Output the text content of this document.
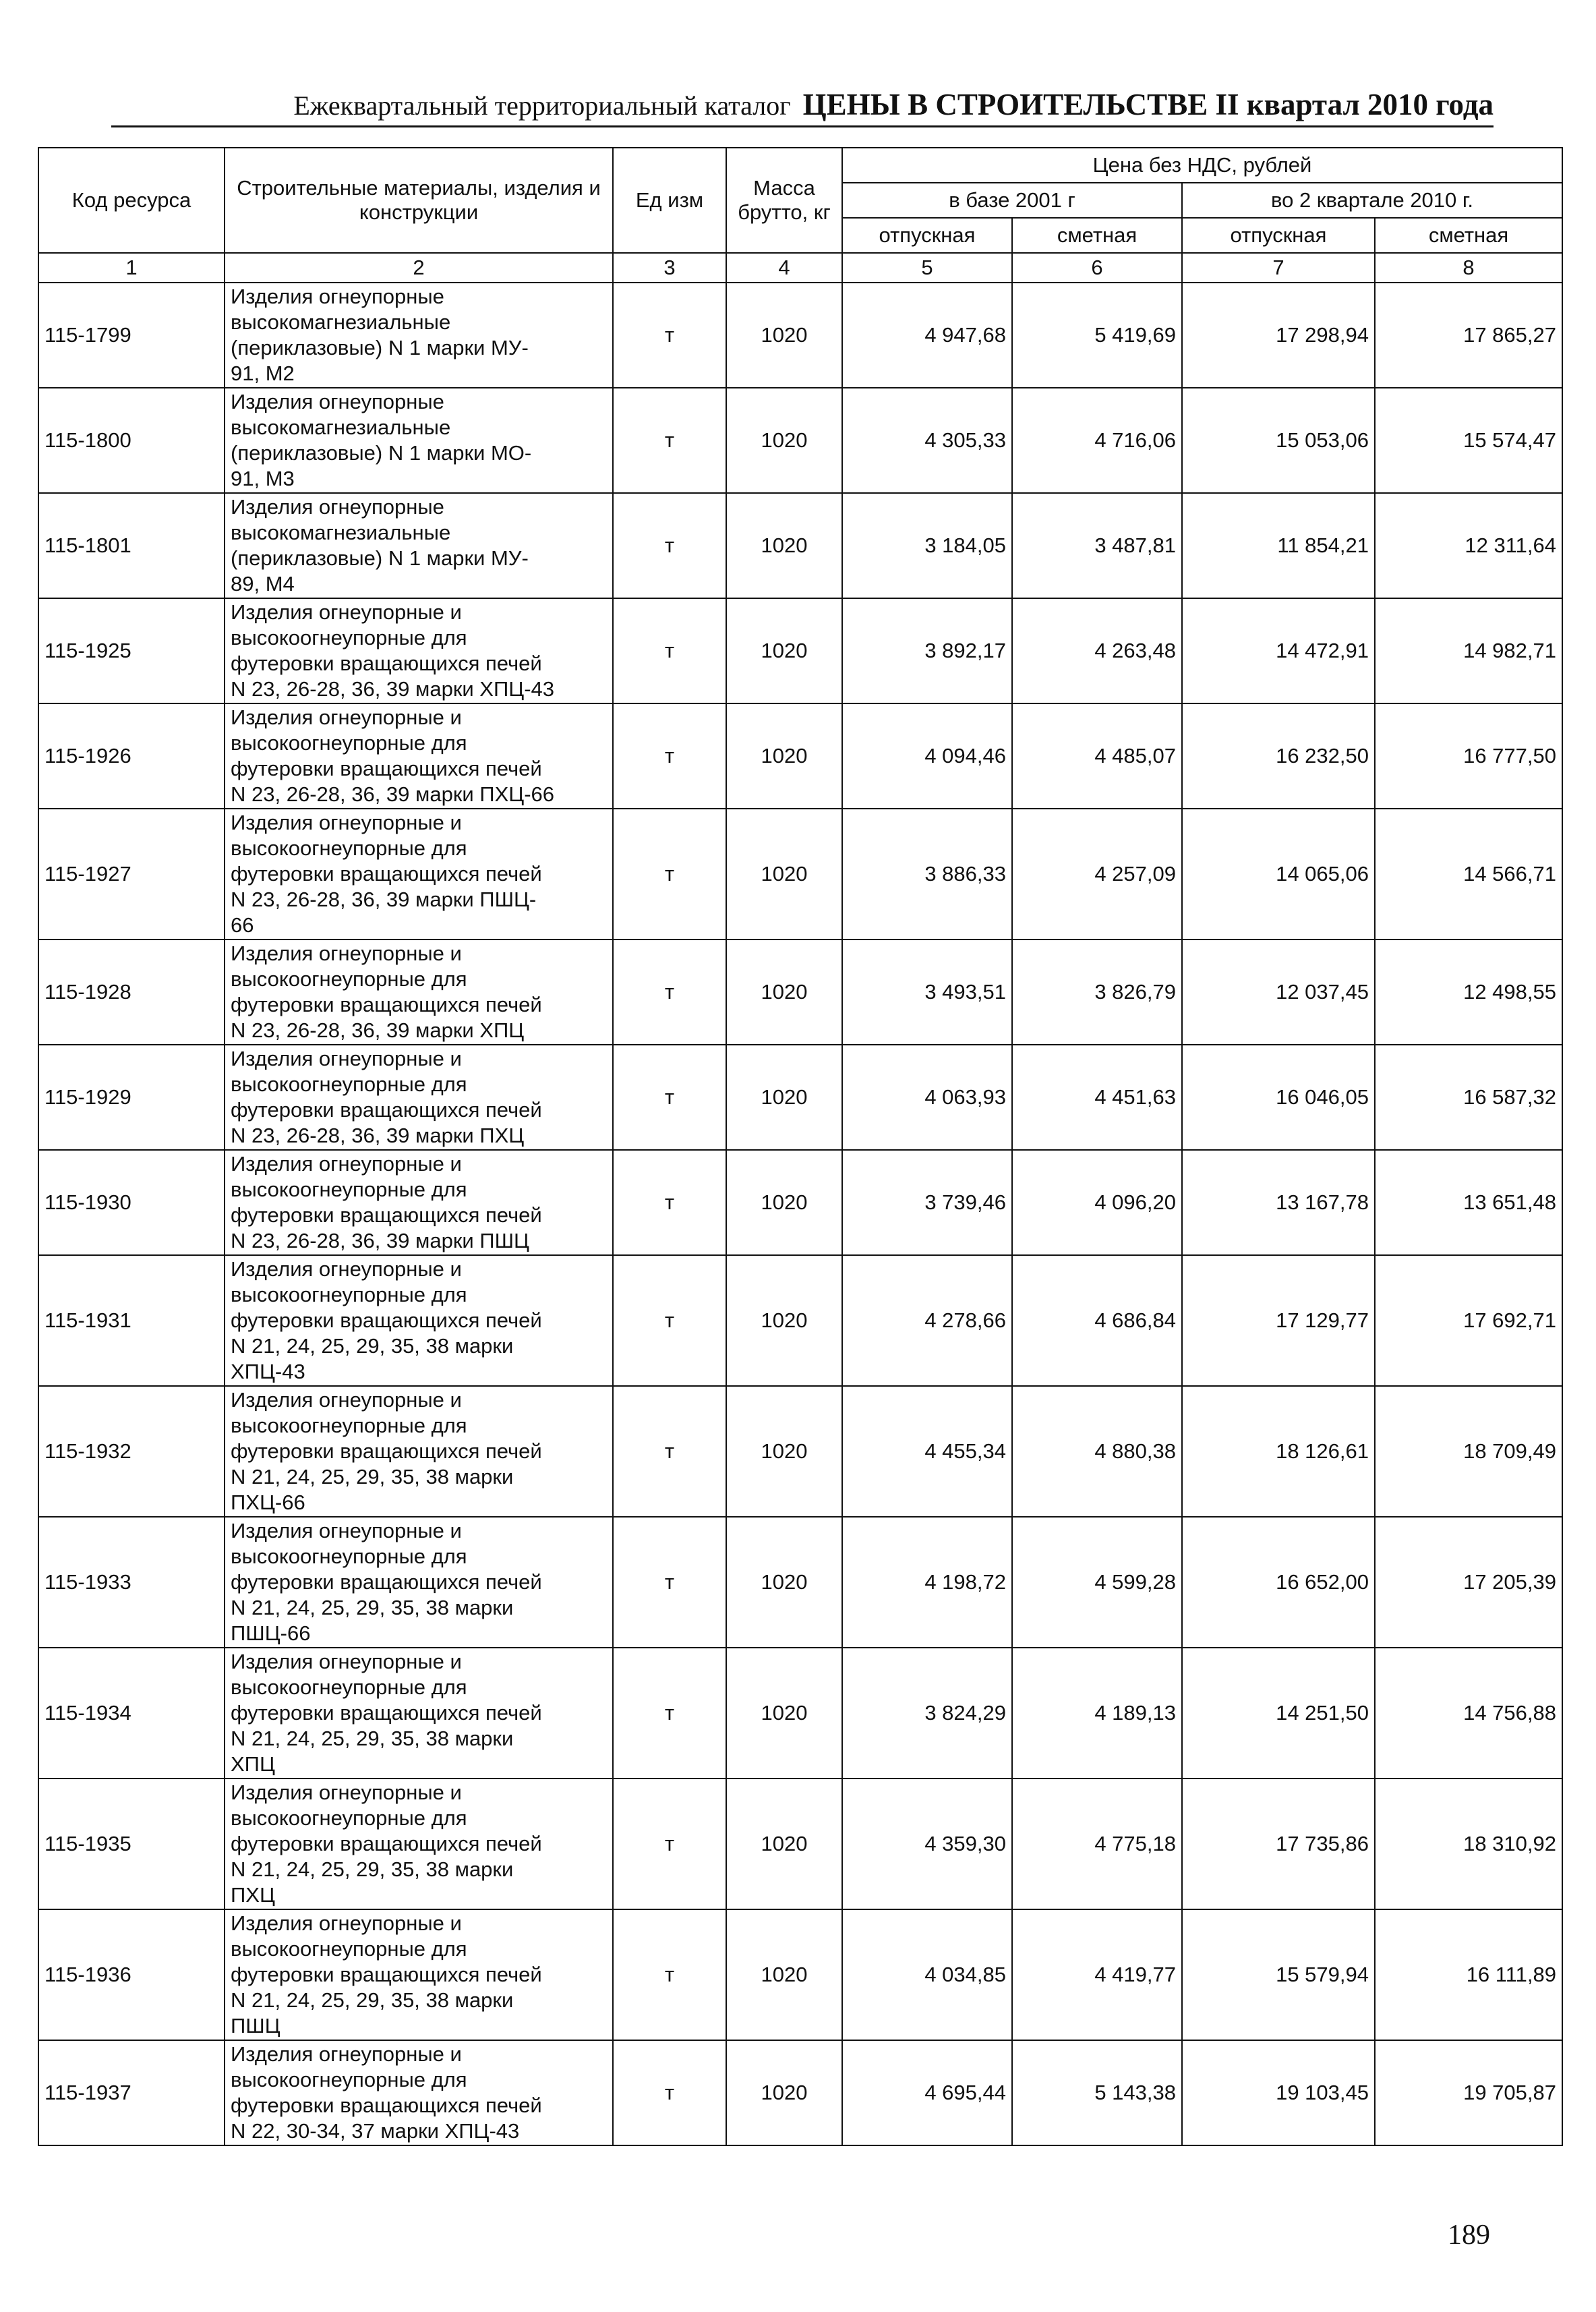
Ежеквартальный территориальный каталог ЦЕНЫ В СТРОИТЕЛЬСТВЕ II квартал 2010 года
Код ресурса	Строительные материалы, изделия и конструкции	Ед изм	Масса брутто, кг	Цена без НДС, рублей			
				в базе 2001 г		во 2 квартале 2010 г.	
				отпускная	сметная	отпускная	сметная
1	2	3	4	5	6	7	8
115-1799	Изделия огнеупорные
высокомагнезиальные
(периклазовые) N 1 марки МУ-
91, М2	т	1020	4 947,68	5 419,69	17 298,94	17 865,27
115-1800	Изделия огнеупорные
высокомагнезиальные
(периклазовые) N 1 марки МО-
91, М3	т	1020	4 305,33	4 716,06	15 053,06	15 574,47
115-1801	Изделия огнеупорные
высокомагнезиальные
(периклазовые) N 1 марки МУ-
89, М4	т	1020	3 184,05	3 487,81	11 854,21	12 311,64
115-1925	Изделия огнеупорные и
высокоогнеупорные для
футеровки вращающихся печей
N 23, 26-28, 36, 39 марки ХПЦ-43	т	1020	3 892,17	4 263,48	14 472,91	14 982,71
115-1926	Изделия огнеупорные и
высокоогнеупорные для
футеровки вращающихся печей
N 23, 26-28, 36, 39 марки ПХЦ-66	т	1020	4 094,46	4 485,07	16 232,50	16 777,50
115-1927	Изделия огнеупорные и
высокоогнеупорные для
футеровки вращающихся печей
N 23, 26-28, 36, 39 марки ПШЦ-
66	т	1020	3 886,33	4 257,09	14 065,06	14 566,71
115-1928	Изделия огнеупорные и
высокоогнеупорные для
футеровки вращающихся печей
N 23, 26-28, 36, 39 марки ХПЦ	т	1020	3 493,51	3 826,79	12 037,45	12 498,55
115-1929	Изделия огнеупорные и
высокоогнеупорные для
футеровки вращающихся печей
N 23, 26-28, 36, 39 марки ПХЦ	т	1020	4 063,93	4 451,63	16 046,05	16 587,32
115-1930	Изделия огнеупорные и
высокоогнеупорные для
футеровки вращающихся печей
N 23, 26-28, 36, 39 марки ПШЦ	т	1020	3 739,46	4 096,20	13 167,78	13 651,48
115-1931	Изделия огнеупорные и
высокоогнеупорные для
футеровки вращающихся печей
N 21, 24, 25, 29, 35, 38 марки
ХПЦ-43	т	1020	4 278,66	4 686,84	17 129,77	17 692,71
115-1932	Изделия огнеупорные и
высокоогнеупорные для
футеровки вращающихся печей
N 21, 24, 25, 29, 35, 38 марки
ПХЦ-66	т	1020	4 455,34	4 880,38	18 126,61	18 709,49
115-1933	Изделия огнеупорные и
высокоогнеупорные для
футеровки вращающихся печей
N 21, 24, 25, 29, 35, 38 марки
ПШЦ-66	т	1020	4 198,72	4 599,28	16 652,00	17 205,39
115-1934	Изделия огнеупорные и
высокоогнеупорные для
футеровки вращающихся печей
N 21, 24, 25, 29, 35, 38 марки
ХПЦ	т	1020	3 824,29	4 189,13	14 251,50	14 756,88
115-1935	Изделия огнеупорные и
высокоогнеупорные для
футеровки вращающихся печей
N 21, 24, 25, 29, 35, 38 марки
ПХЦ	т	1020	4 359,30	4 775,18	17 735,86	18 310,92
115-1936	Изделия огнеупорные и
высокоогнеупорные для
футеровки вращающихся печей
N 21, 24, 25, 29, 35, 38 марки
ПШЦ	т	1020	4 034,85	4 419,77	15 579,94	16 111,89
115-1937	Изделия огнеупорные и
высокоогнеупорные для
футеровки вращающихся печей
N 22, 30-34, 37 марки ХПЦ-43	т	1020	4 695,44	5 143,38	19 103,45	19 705,87
189
